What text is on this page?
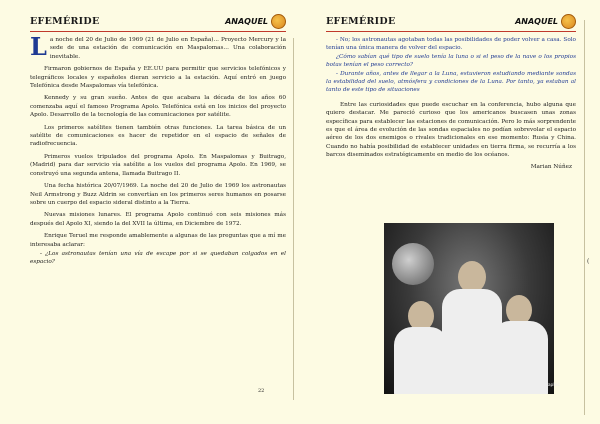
EFEMÉRIDE	ANAQUEL

La noche del 20 de Julio de 1969 (21 de Julio en España)... Proyecto Mercury y la sede de una estación de comunicación en Maspalomas... Una colaboración inevitable.

Firmaron gobiernos de España y EE.UU para permitir que servicios telefónicos y telegráficos locales y españoles dieran servicio a la estación. Aquí entró en juego Telefónica desde Maspalomas vía telefónica.

Kennedy y su gran sueño. Antes de que acabara la década de los años 60 comenzaba aquí el famoso Programa Apolo. Telefónica está en los inicios del proyecto Apolo. Desarrollo de la tecnología de las comunicaciones por satélite.

Los primeros satélites tienen también otras funciones. La tarea básica de un satélite de comunicaciones es hacer de repetidor en el espacio de señales de radiofrecuencia.

Primeros vuelos tripulados del programa Apolo. En Maspalomas y Buitrago, (Madrid) para dar servicio vía satélite a los vuelos del programa Apolo. En 1969, se construyó una segunda antena, llamada Buitrago II.

Una fecha histórica 20/07/1969. La noche del 20 de Julio de 1969 los astronautas Neil Armstrong y Buzz Aldrin se convertían en los primeros seres humanos en posarse sobre un cuerpo del espacio sideral distinto a la Tierra.

Nuevas misiones lunares. El programa Apolo continuó con seis misiones más después del Apolo XI, siendo la del XVII la última, en Diciembre de 1972.

Enrique Teruel me responde amablemente a algunas de las preguntas que a mí me interesaba aclarar:

- ¿Los astronautas tenían una vía de escape por si se quedaban colgados en el espacio?

22
EFEMÉRIDE	ANAQUEL

- No; los astronautas agotaban todas las posibilidades de poder volver a casa. Solo tenían una única manera de volver del espacio.

¿Cómo sabían qué tipo de suelo tenía la luna o si el peso de la nave o los propios botas tenían el peso correcto?

- Durante años, antes de llegar a la Luna, estuvieron estudiando mediante sondas la estabilidad del suelo, atmósfera y condiciones de la Luna. Por tanto, ya estaban al tanto de este tipo de situaciones

Entre las curiosidades que puede escuchar en la conferencia, hubo alguna que quiero destacar. Me pareció curioso que los americanos buscasen unas zonas específicas para establecer las estaciones de comunicación. Pero lo más sorprendente es que el área de evolución de las sondas espaciales no podían sobrevolar el espacio aéreo de los dos enemigos o rivales tradicionales en ese momento: Rusia y China. Cuando no había posibilidad de establecer unidades en tierra firma, se recurría a los barcos diseminados estratégicamente en medio de los océanos.

Marian Núñez
(
© National Geographic
